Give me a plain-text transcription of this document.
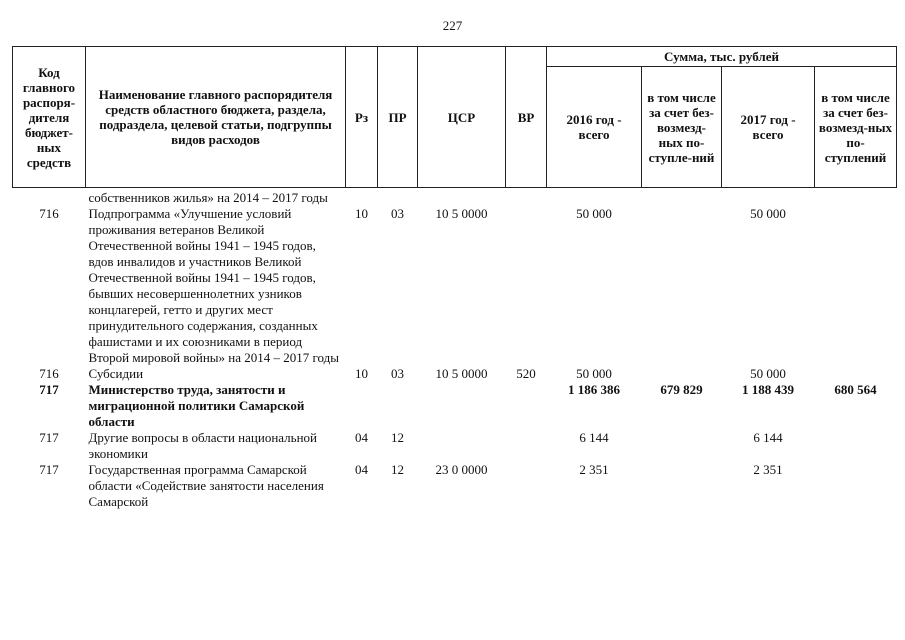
227
Код главного распоря-дителя бюджет-ных средств	Наименование главного распорядителя средств областного бюджета, раздела, подраздела, целевой статьи, подгруппы видов расходов	Рз	ПР	ЦСР	ВР	Сумма, тыс. рублей			
						2016 год - всего	в том числе за счет без-возмезд-ных по-ступле-ний	2017 год - всего	в том числе за счет без-возмезд-ных по-ступлений
	собственников жилья» на 2014 – 2017 годы								
716	Подпрограмма «Улучшение условий проживания ветеранов Великой Отечественной войны 1941 – 1945 годов, вдов инвалидов и участников Великой Отечественной войны 1941 – 1945 годов, бывших несовершеннолетних узников концлагерей, гетто и других мест принудительного содержания, созданных фашистами и их союзниками в период Второй мировой войны» на 2014 – 2017 годы	10	03	10 5 0000		50 000		50 000	
716	Субсидии	10	03	10 5 0000	520	50 000		50 000	
717	Министерство труда, занятости и миграционной политики Самарской области					1 186 386	679 829	1 188 439	680 564
717	Другие вопросы в области национальной экономики	04	12			6 144		6 144	
717	Государственная программа Самарской области «Содействие занятости населения Самарской	04	12	23 0 0000		2 351		2 351	
